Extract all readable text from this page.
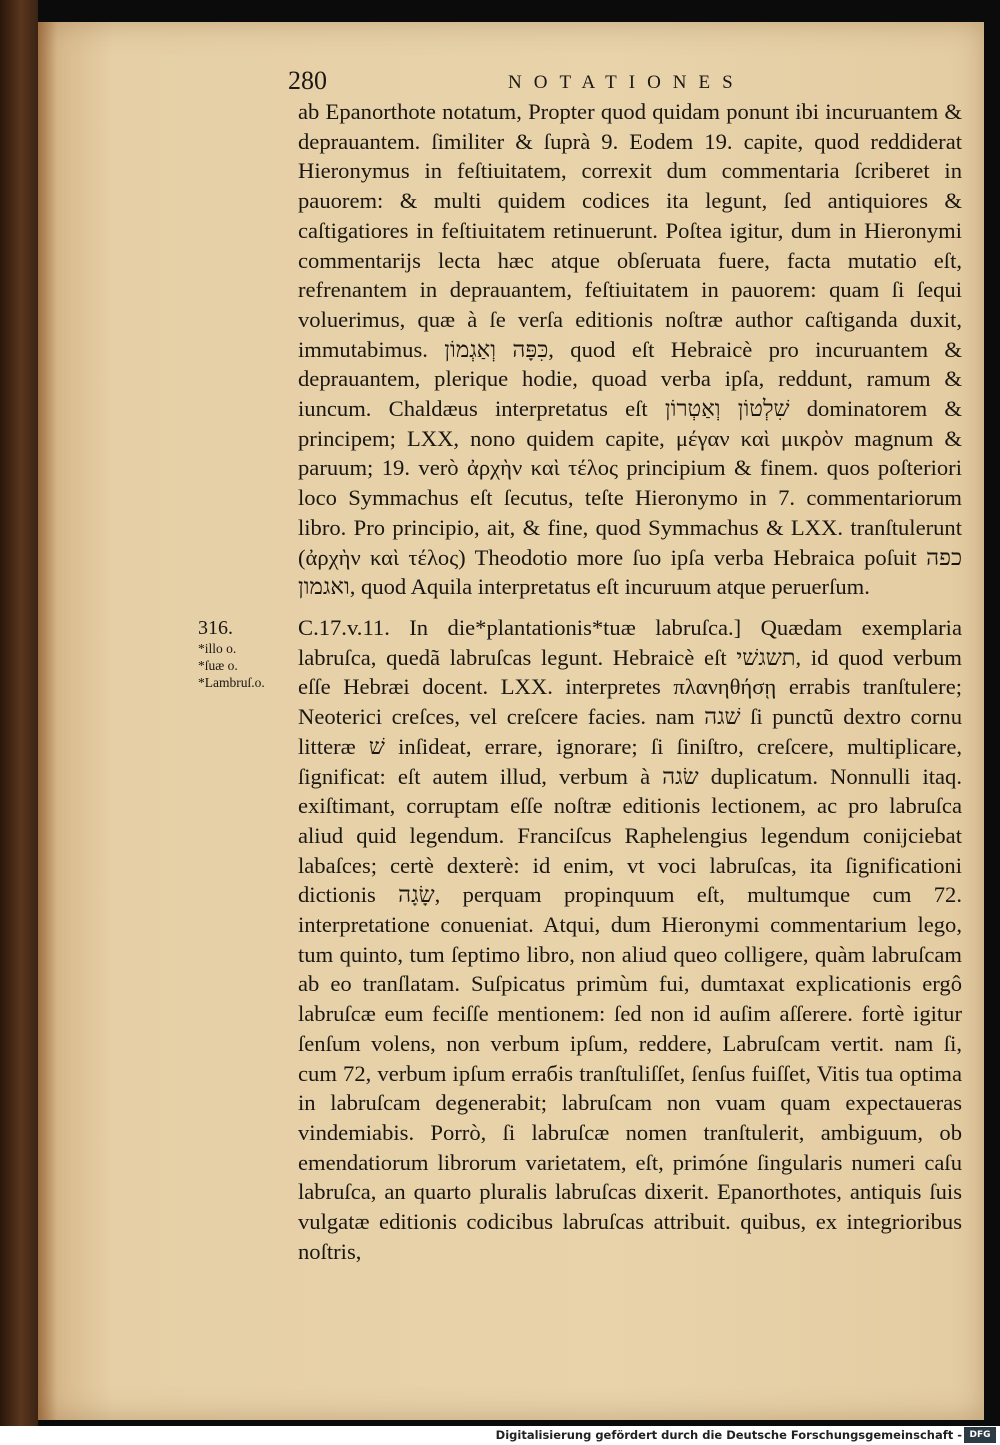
280	NOTATIONES

ab Epanorthote notatum, Propter quod quidam ponunt ibi incuruantem & deprauantem. ſimiliter & ſuprà 9. Eodem 19. capite, quod reddiderat Hieronymus in feſtiuitatem, correxit dum commentaria ſcriberet in pauorem: & multi quidem codices ita legunt, ſed antiquiores & caſtigatiores in feſtiuitatem retinuerunt. Poſtea igitur, dum in Hieronymi commentarijs lecta hæc atque obſeruata fuere, facta mutatio eſt, refrenantem in deprauantem, feſtiuitatem in pauorem: quam ſi ſequi voluerimus, quæ à ſe verſa editionis noſtræ author caſtiganda duxit, immutabimus. כִּפָּה וְאַגְמוֹן, quod eſt Hebraicè pro incuruantem & deprauantem, plerique hodie, quoad verba ipſa, reddunt, ramum & iuncum. Chaldæus interpretatus eſt שִׁלְטוֹן וְאַטְרוֹן dominatorem & principem; LXX, nono quidem capite, μέγαν καὶ μικρὸν magnum & paruum; 19. verò ἀρχὴν καὶ τέλος principium & finem. quos poſteriori loco Symmachus eſt ſecutus, teſte Hieronymo in 7. commentariorum libro. Pro principio, ait, & fine, quod Symmachus & LXX. tranſtulerunt (ἀρχὴν καὶ τέλος) Theodotio more ſuo ipſa verba Hebraica poſuit כפה ואגמון, quod Aquila interpretatus eſt incuruum atque peruerſum.

316.
*illo o.
*ſuæ o.
*Lambruſ.o.

C.17.v.11. In die*plantationis*tuæ labruſca.] Quædam exemplaria labruſca, quedã labruſcas legunt. Hebraicè eſt תשגשׁי, id quod verbum eſſe Hebræi docent. LXX. interpretes πλανηθήσῃ errabis tranſtulere; Neoterici creſces, vel creſcere facies. nam שׁגה ſi punctũ dextro cornu litteræ שׁ inſideat, errare, ignorare; ſi ſiniſtro, creſcere, multiplicare, ſignificat: eſt autem illud, verbum à שׂגה duplicatum. Nonnulli itaq. exiſtimant, corruptam eſſe noſtræ editionis lectionem, ac pro labruſca aliud quid legendum. Franciſcus Raphelengius legendum conijciebat labaſces; certè dexterè: id enim, vt voci labruſcas, ita ſignificationi dictionis שָׂגָה, perquam propinquum eſt, multumque cum 72. interpretatione conueniat. Atqui, dum Hieronymi commentarium lego, tum quinto, tum ſeptimo libro, non aliud queo colligere, quàm labruſcam ab eo tranſlatam. Suſpicatus primùm fui, dumtaxat explicationis ergô labruſcæ eum feciſſe mentionem: ſed non id auſim aſſerere. fortè igitur ſenſum volens, non verbum ipſum, reddere, Labruſcam vertit. nam ſi, cum 72, verbum ipſum erraбis tranſtuliſſet, ſenſus fuiſſet, Vitis tua optima in labruſcam degenerabit; labruſcam non vuam quam expectaueras vindemiabis. Porrò, ſi labruſcæ nomen tranſtulerit, ambiguum, ob emendatiorum librorum varietatem, eſt, primóne ſingularis numeri caſu labruſca, an quarto pluralis labruſcas dixerit. Epanorthotes, antiquis ſuis vulgatæ editionis codicibus labruſcas attribuit. quibus, ex integrioribus noſtris,

Digitalisierung gefördert durch die Deutsche Forschungsgemeinschaft - DFG
